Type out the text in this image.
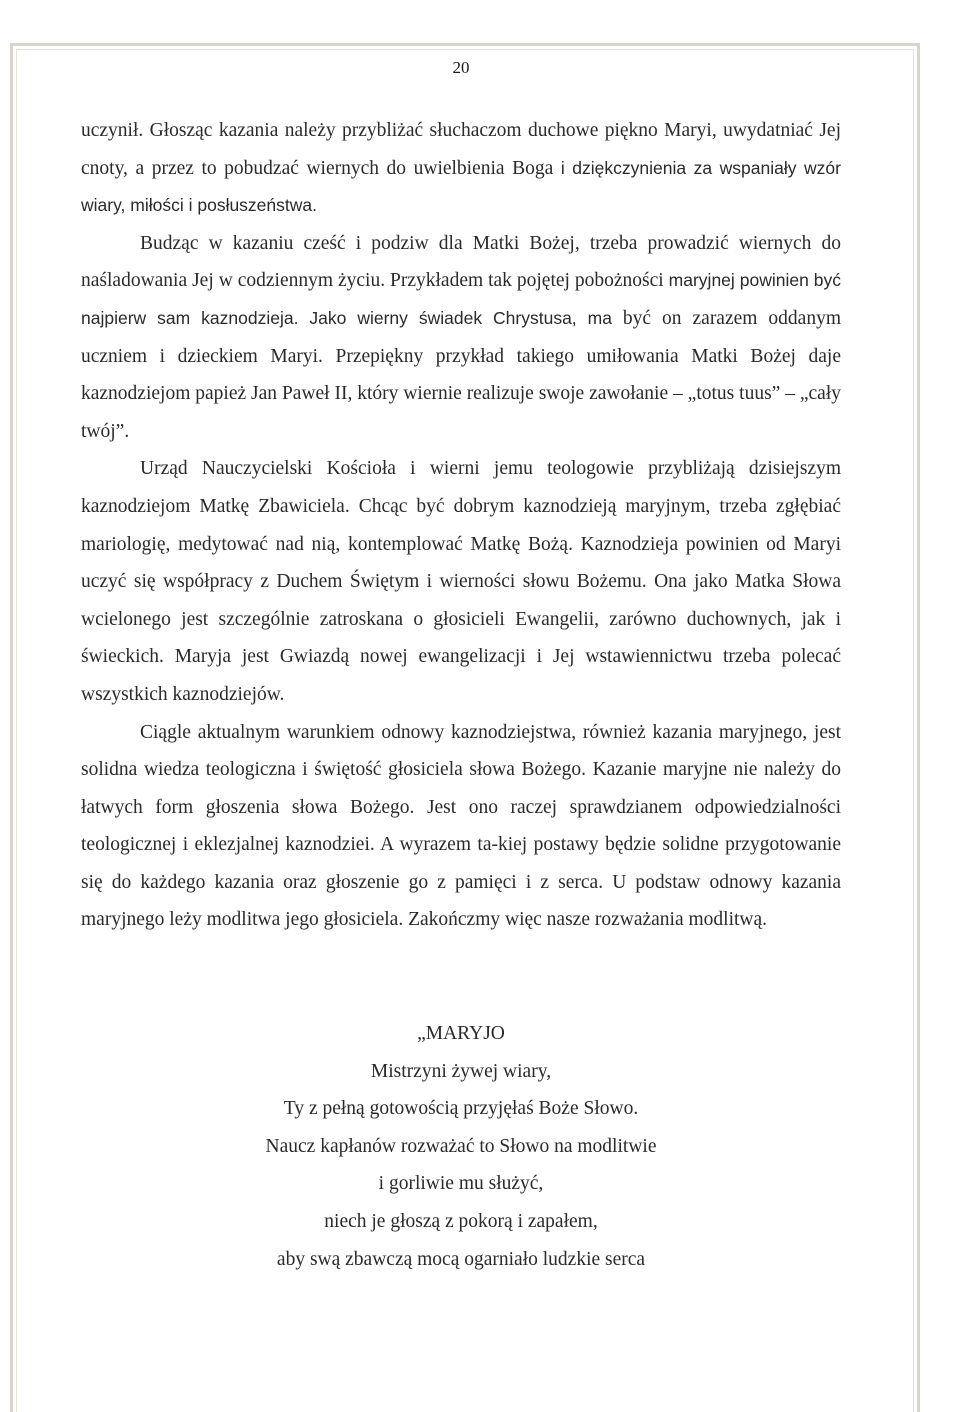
20

uczynił. Głosząc kazania należy przybliżać słuchaczom duchowe piękno Maryi, uwydatniać Jej cnoty, a przez to pobudzać wiernych do uwielbienia Boga i dziękczynienia za wspaniały wzór wiary, miłości i posłuszeństwa.

Budząc w kazaniu cześć i podziw dla Matki Bożej, trzeba prowadzić wiernych do naśladowania Jej w codziennym życiu. Przykładem tak pojętej pobożności maryjnej powinien być najpierw sam kaznodzieja. Jako wierny świadek Chrystusa, ma być on zarazem oddanym uczniem i dzieckiem Maryi. Przepiękny przykład takiego umiłowania Matki Bożej daje kaznodziejom papież Jan Paweł II, który wiernie realizuje swoje zawołanie – „totus tuus” – „cały twój”.

Urząd Nauczycielski Kościoła i wierni jemu teologowie przybliżają dzisiejszym kaznodziejom Matkę Zbawiciela. Chcąc być dobrym kaznodzieją maryjnym, trzeba zgłębiać mariologię, medytować nad nią, kontemplować Matkę Bożą. Kaznodzieja powinien od Maryi uczyć się współpracy z Duchem Świętym i wierności słowu Bożemu. Ona jako Matka Słowa wcielonego jest szczególnie zatroskana o głosicieli Ewangelii, zarówno duchownych, jak i świeckich. Maryja jest Gwiazdą nowej ewangelizacji i Jej wstawiennictwu trzeba polecać wszystkich kaznodziejów.

Ciągle aktualnym warunkiem odnowy kaznodziejstwa, również kazania maryjnego, jest solidna wiedza teologiczna i świętość głosiciela słowa Bożego. Kazanie maryjne nie należy do łatwych form głoszenia słowa Bożego. Jest ono raczej sprawdzianem odpowiedzialności teologicznej i eklezjalnej kaznodziei. A wyrazem ta-kiej postawy będzie solidne przygotowanie się do każdego kazania oraz głoszenie go z pamięci i z serca. U podstaw odnowy kazania maryjnego leży modlitwa jego głosiciela. Zakończmy więc nasze rozważania modlitwą.

„MARYJO
Mistrzyni żywej wiary,
Ty z pełną gotowością przyjęłaś Boże Słowo.
Naucz kapłanów rozważać to Słowo na modlitwie
i gorliwie mu służyć,
niech je głoszą z pokorą i zapałem,
aby swą zbawczą mocą ogarniało ludzkie serca
